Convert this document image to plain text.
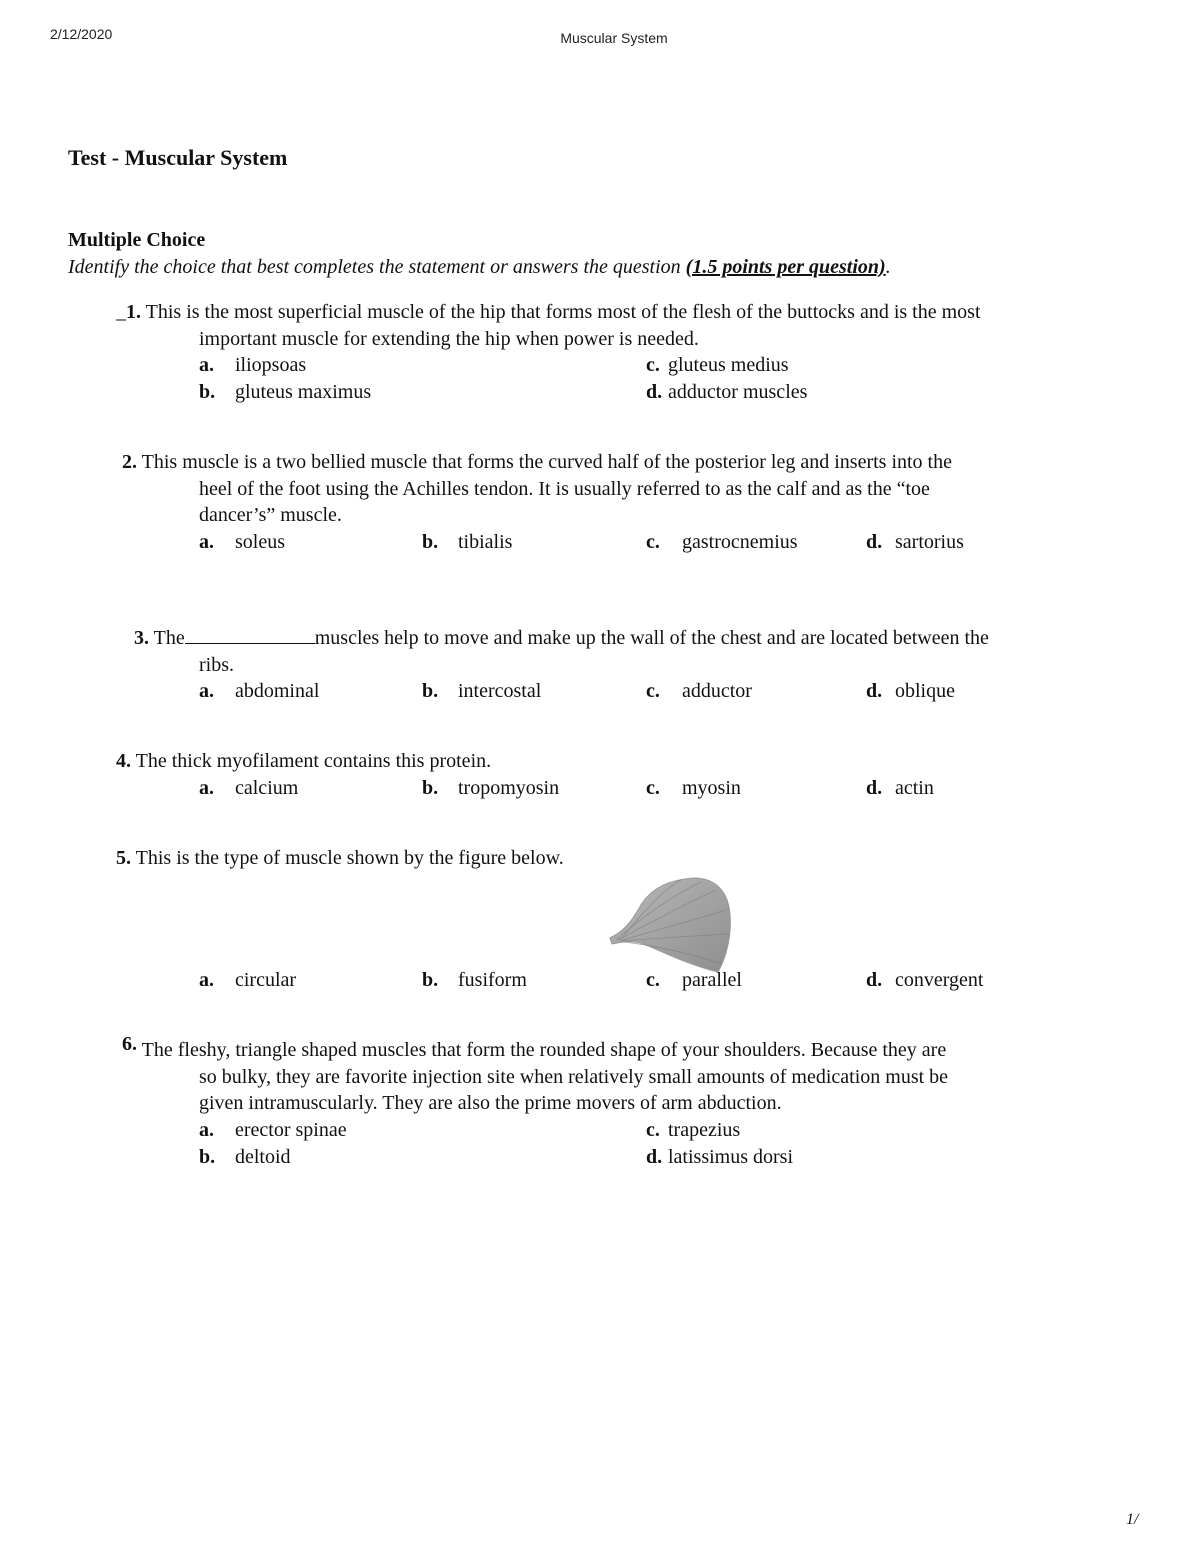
2/12/2020	Muscular System
Test - Muscular System
Multiple Choice
Identify the choice that best completes the statement or answers the question (1.5 points per question).
_1. This is the most superficial muscle of the hip that forms most of the flesh of the buttocks and is the most
important muscle for extending the hip when power is needed.
a. iliopsoas
b. gluteus maximus
c. gluteus medius
d. adductor muscles
2. This muscle is a two bellied muscle that forms the curved half of the posterior leg and inserts into the
heel of the foot using the Achilles tendon. It is usually referred to as the calf and as the “toe
dancer’s” muscle.
a. soleus	b. tibialis	c. gastrocnemius	d. sartorius
3. The	muscles help to move and make up the wall of the chest and are located between the
ribs.
a. abdominal	b. intercostal	c. adductor	d. oblique
4. The thick myofilament contains this protein.
a. calcium	b. tropomyosin	c. myosin	d. actin
5. This is the type of muscle shown by the figure below.
a. circular	b. fusiform	c. parallel	d. convergent
6. The fleshy, triangle shaped muscles that form the rounded shape of your shoulders. Because they are
so bulky, they are favorite injection site when relatively small amounts of medication must be
given intramuscularly. They are also the prime movers of arm abduction.
a. erector spinae
b. deltoid
c. trapezius
d. latissimus dorsi
1/
